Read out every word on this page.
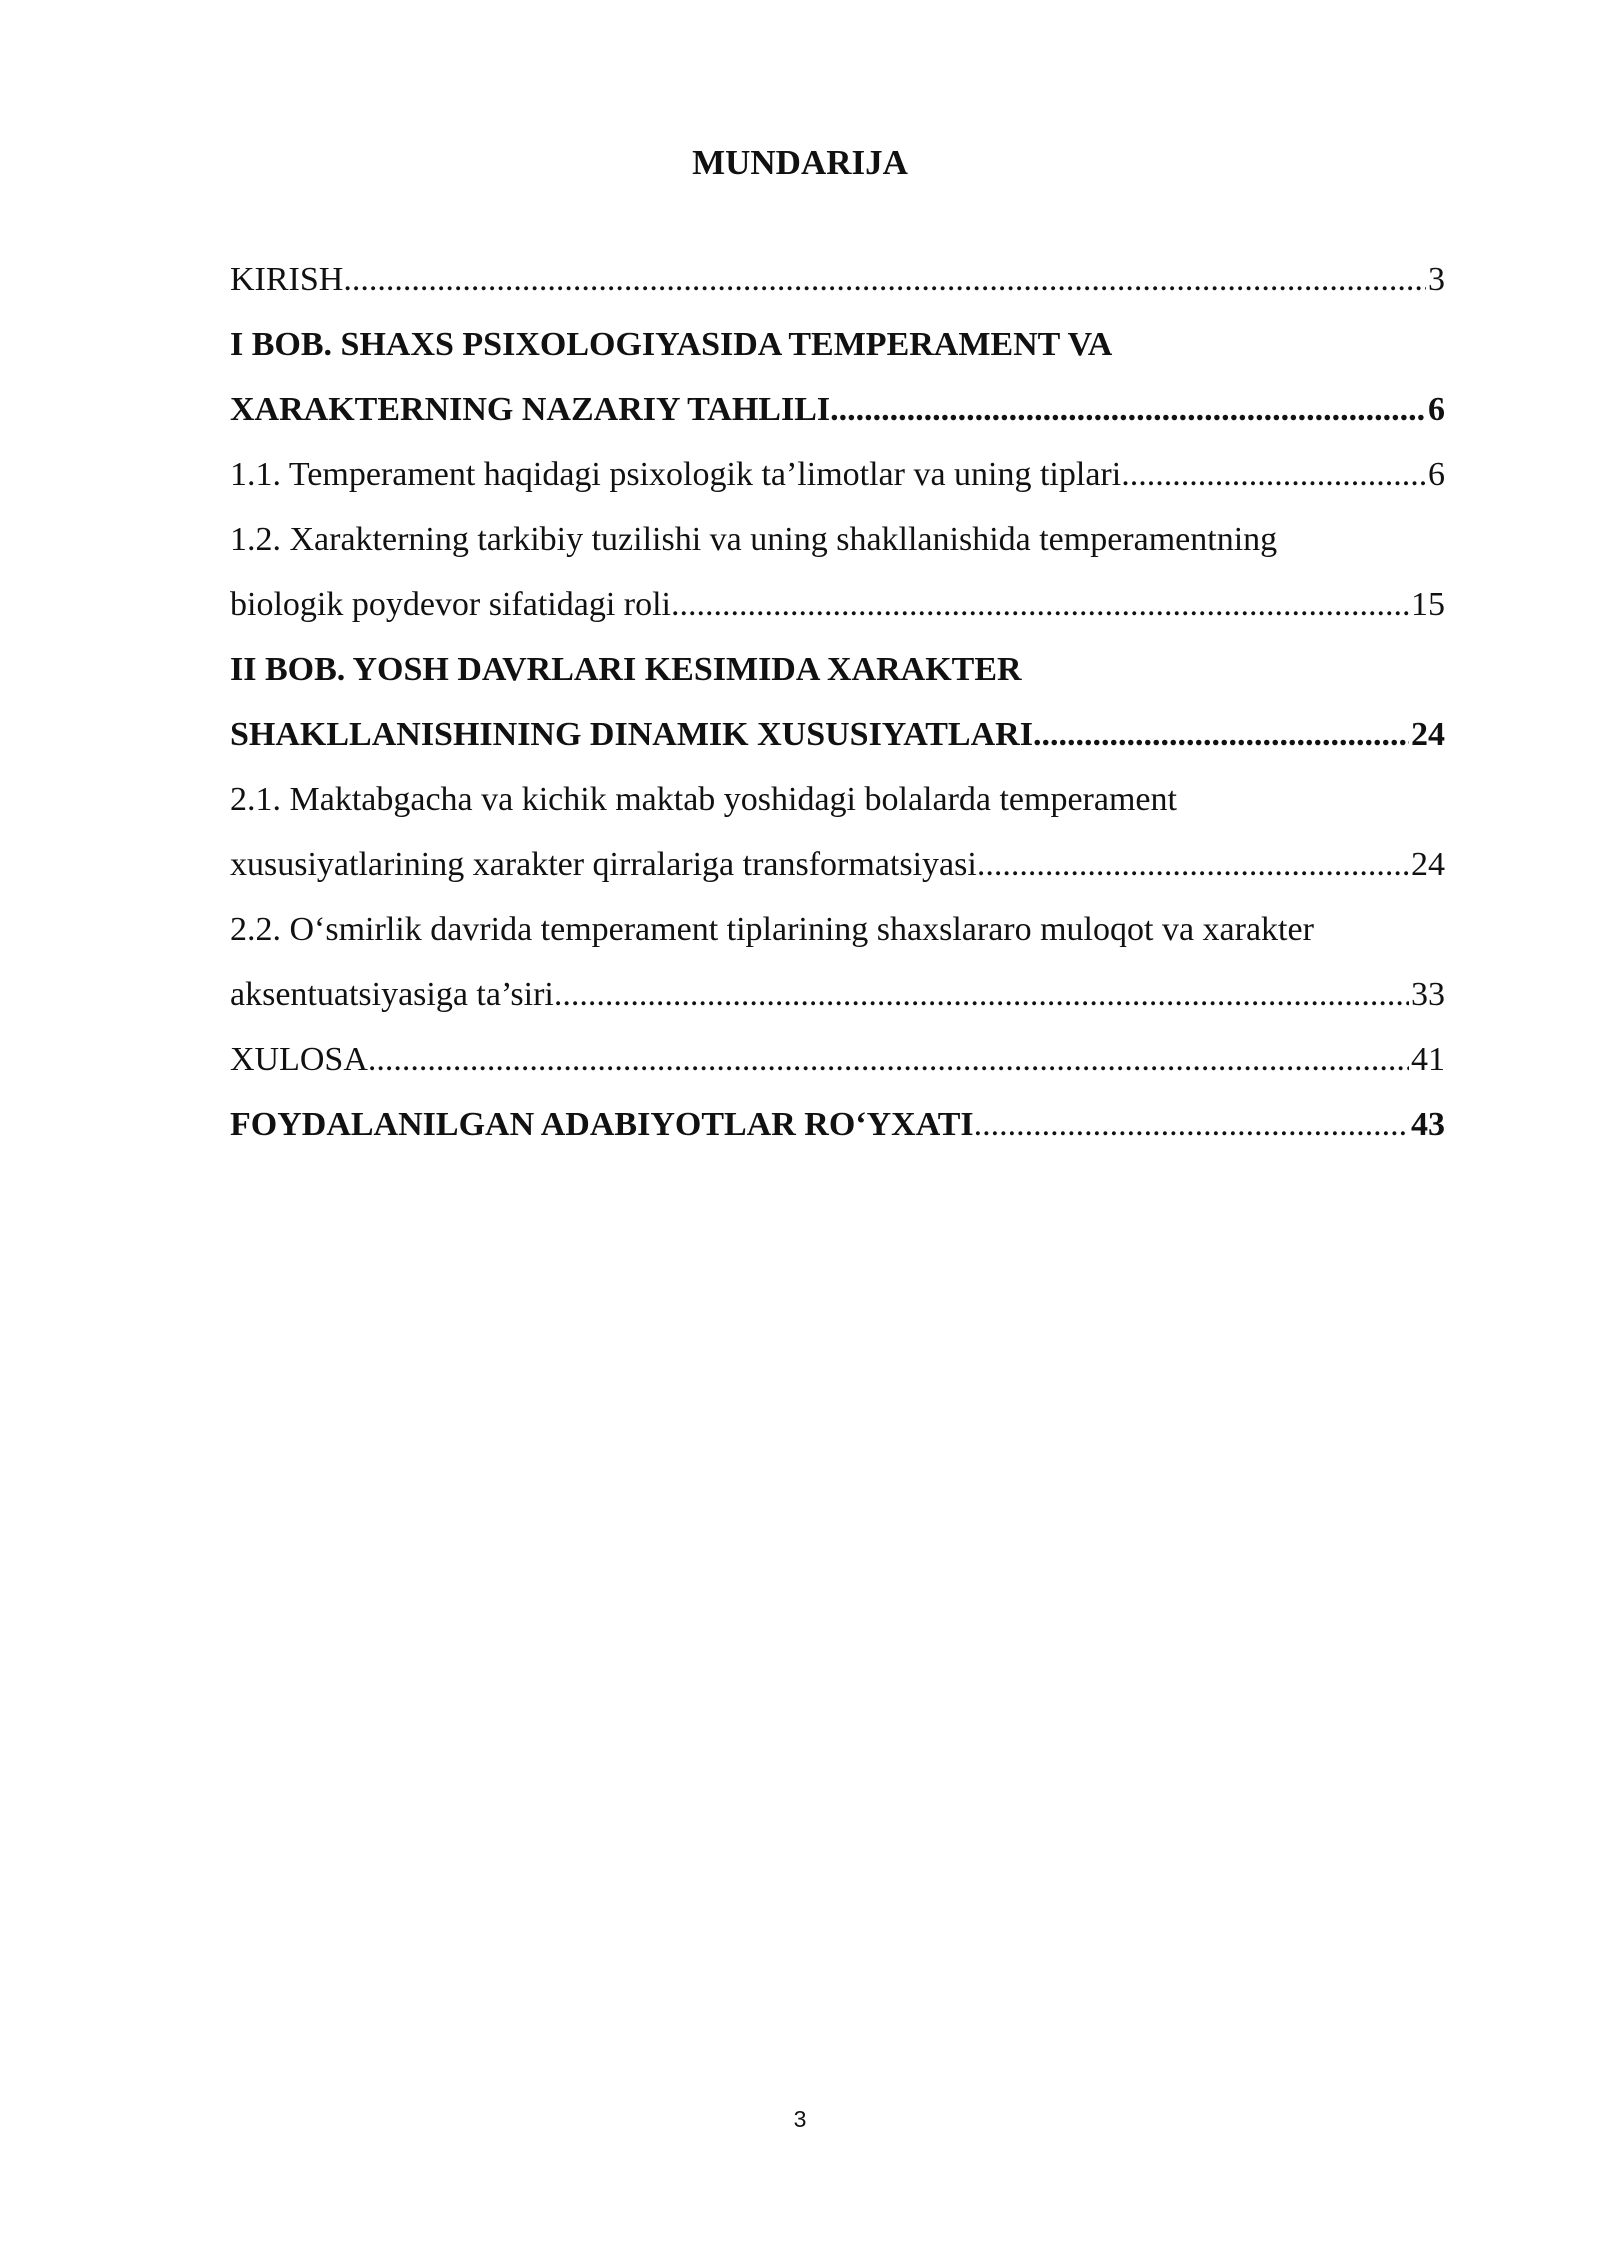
MUNDARIJA
KIRISH .....	3
I BOB. SHAXS PSIXOLOGIYASIDA TEMPERAMENT VA
XARAKTERNING NAZARIY TAHLILI .....	6
1.1. Temperament haqidagi psixologik ta’limotlar va uning tiplari .....	6
1.2. Xarakterning tarkibiy tuzilishi va uning shakllanishida temperamentning
biologik poydevor sifatidagi roli .....	15
II BOB. YOSH DAVRLARI KESIMIDA XARAKTER
SHAKLLANISHINING DINAMIK XUSUSIYATLARI .....	24
2.1. Maktabgacha va kichik maktab yoshidagi bolalarda temperament
xususiyatlarining xarakter qirralariga transformatsiyasi .....	24
2.2. O‘smirlik davrida temperament tiplarining shaxslararo muloqot va xarakter
aksentuatsiyasiga ta’siri .....	33
XULOSA .....	41
FOYDALANILGAN ADABIYOTLAR RO‘YXATI .....	43
3
